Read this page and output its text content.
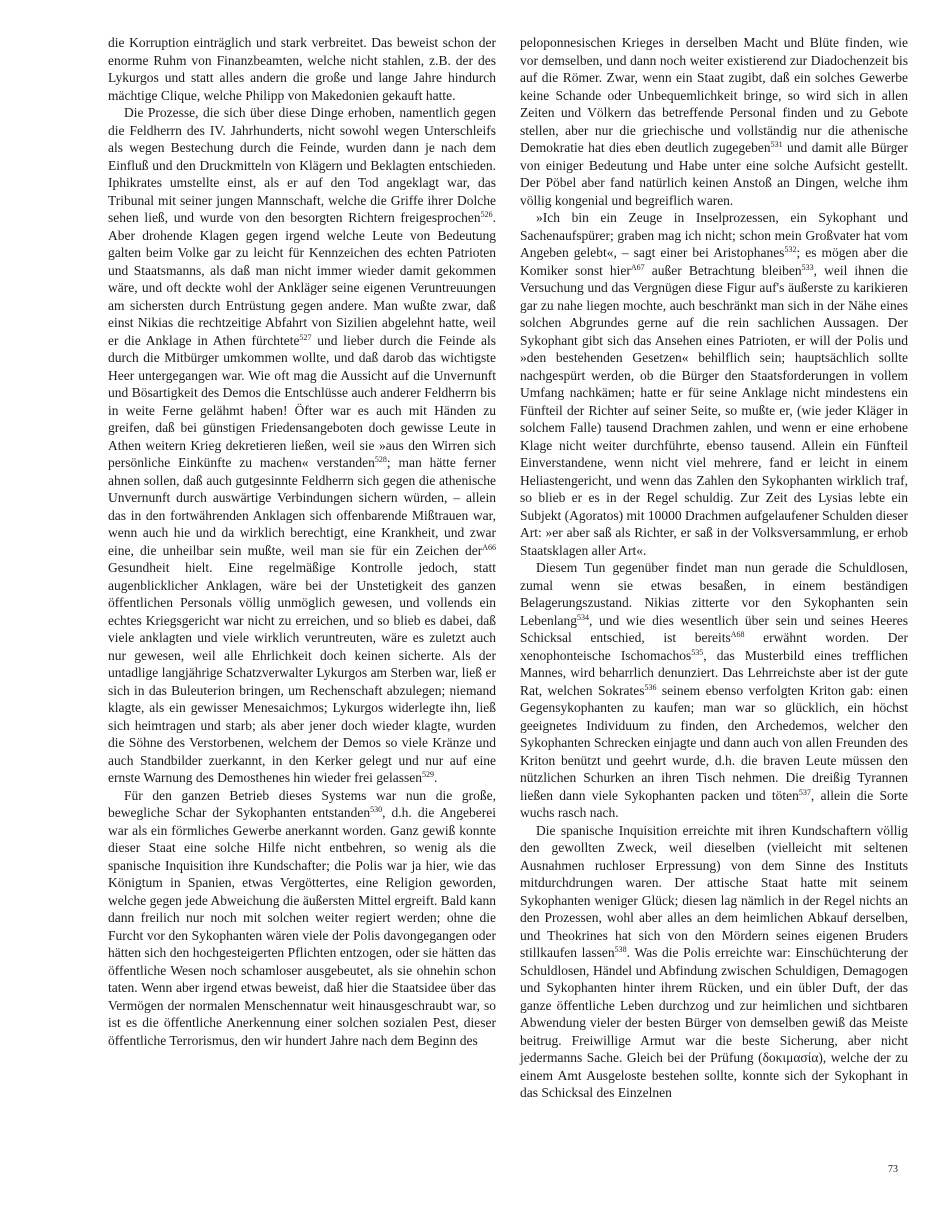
die Korruption einträglich und stark verbreitet. Das beweist schon der enorme Ruhm von Finanzbeamten, welche nicht stahlen, z.B. der des Lykurgos und statt alles andern die große und lange Jahre hindurch mächtige Clique, welche Philipp von Makedonien gekauft hatte.

Die Prozesse, die sich über diese Dinge erhoben, namentlich gegen die Feldherrn des IV. Jahrhunderts, nicht sowohl wegen Unterschleifs als wegen Bestechung durch die Feinde, wurden dann je nach dem Einfluß und den Druckmitteln von Klägern und Beklagten entschieden. Iphikrates umstellte einst, als er auf den Tod angeklagt war, das Tribunal mit seiner jungen Mannschaft, welche die Griffe ihrer Dolche sehen ließ, und wurde von den besorgten Richtern freigesprochen$^{526}$. Aber drohende Klagen gegen irgend welche Leute von Bedeutung galten beim Volke gar zu leicht für Kennzeichen des echten Patrioten und Staatsmanns, als daß man nicht immer wieder damit gekommen wäre, und oft deckte wohl der Ankläger seine eigenen Veruntreuungen am sichersten durch Entrüstung gegen andere. Man wußte zwar, daß einst Nikias die rechtzeitige Abfahrt von Sizilien abgelehnt hatte, weil er die Anklage in Athen fürchtete$^{527}$ und lieber durch die Feinde als durch die Mitbürger umkommen wollte, und daß darob das wichtigste Heer untergegangen war. Wie oft mag die Aussicht auf die Unvernunft und Bösartigkeit des Demos die Entschlüsse auch anderer Feldherrn bis in weite Ferne gelähmt haben! Öfter war es auch mit Händen zu greifen, daß bei günstigen Friedensangeboten doch gewisse Leute in Athen weitern Krieg dekretieren ließen, weil sie »aus den Wirren sich persönliche Einkünfte zu machen« verstanden$^{528}$; man hätte ferner ahnen sollen, daß auch gutgesinnte Feldherrn sich gegen die athenische Unvernunft durch auswärtige Verbindungen sichern würden, – allein das in den fortwährenden Anklagen sich offenbarende Mißtrauen war, wenn auch hie und da wirklich berechtigt, eine Krankheit, und zwar eine, die unheilbar sein mußte, weil man sie für ein Zeichen der$^{A66}$ Gesundheit hielt. Eine regelmäßige Kontrolle jedoch, statt augenblicklicher Anklagen, wäre bei der Unstetigkeit des ganzen öffentlichen Personals völlig unmöglich gewesen, und vollends ein echtes Kriegsgericht war nicht zu erreichen, und so blieb es dabei, daß viele anklagten und viele wirklich veruntreuten, wäre es zuletzt auch nur gewesen, weil alle Ehrlichkeit doch keinen sicherte. Als der untadlige langjährige Schatzverwalter Lykurgos am Sterben war, ließ er sich in das Buleuterion bringen, um Rechenschaft abzulegen; niemand klagte, als ein gewisser Menesaichmos; Lykurgos widerlegte ihn, ließ sich heimtragen und starb; als aber jener doch wieder klagte, wurden die Söhne des Verstorbenen, welchem der Demos so viele Kränze und auch Standbilder zuerkannt, in den Kerker gelegt und nur auf eine ernste Warnung des Demosthenes hin wieder frei gelassen$^{529}$.

Für den ganzen Betrieb dieses Systems war nun die große, bewegliche Schar der Sykophanten entstanden$^{530}$, d.h. die Angeberei war als ein förmliches Gewerbe anerkannt worden. Ganz gewiß konnte dieser Staat eine solche Hilfe nicht entbehren, so wenig als die spanische Inquisition ihre Kundschafter; die Polis war ja hier, wie das Königtum in Spanien, etwas Vergöttertes, eine Religion geworden, welche gegen jede Abweichung die äußersten Mittel ergreift. Bald kann dann freilich nur noch mit solchen weiter regiert werden; ohne die Furcht vor den Sykophanten wären viele der Polis davongegangen oder hätten sich den hochgesteigerten Pflichten entzogen, oder sie hätten das öffentliche Wesen noch schamloser ausgebeutet, als sie ohnehin schon taten. Wenn aber irgend etwas beweist, daß hier die Staatsidee über das Vermögen der normalen Menschennatur weit hinausgeschraubt war, so ist es die öffentliche Anerkennung einer solchen sozialen Pest, dieser öffentliche Terrorismus, den wir hundert Jahre nach dem Beginn des

peloponnesischen Krieges in derselben Macht und Blüte finden, wie vor demselben, und dann noch weiter existierend zur Diadochenzeit bis auf die Römer. Zwar, wenn ein Staat zugibt, daß ein solches Gewerbe keine Schande oder Unbequemlichkeit bringe, so wird sich in allen Zeiten und Völkern das betreffende Personal finden und zu Gebote stellen, aber nur die griechische und vollständig nur die athenische Demokratie hat dies eben deutlich zugegeben$^{531}$ und damit alle Bürger von einiger Bedeutung und Habe unter eine solche Aufsicht gestellt. Der Pöbel aber fand natürlich keinen Anstoß an Dingen, welche ihm völlig kongenial und begreiflich waren.

»Ich bin ein Zeuge in Inselprozessen, ein Sykophant und Sachenaufspürer; graben mag ich nicht; schon mein Großvater hat vom Angeben gelebt«, – sagt einer bei Aristophanes$^{532}$; es mögen aber die Komiker sonst hier$^{A67}$ außer Betrachtung bleiben$^{533}$, weil ihnen die Versuchung und das Vergnügen diese Figur auf's äußerste zu karikieren gar zu nahe liegen mochte, auch beschränkt man sich in der Nähe eines solchen Abgrundes gerne auf die rein sachlichen Aussagen. Der Sykophant gibt sich das Ansehen eines Patrioten, er will der Polis und »den bestehenden Gesetzen« behilflich sein; hauptsächlich sollte nachgespürt werden, ob die Bürger den Staatsforderungen in vollem Umfang nachkämen; hatte er für seine Anklage nicht mindestens ein Fünfteil der Richter auf seiner Seite, so mußte er, (wie jeder Kläger in solchem Falle) tausend Drachmen zahlen, und wenn er eine erhobene Klage nicht weiter durchführte, ebenso tausend. Allein ein Fünfteil Einverstandene, wenn nicht viel mehrere, fand er leicht in einem Heliastengericht, und wenn das Zahlen den Sykophanten wirklich traf, so blieb er es in der Regel schuldig. Zur Zeit des Lysias lebte ein Subjekt (Agoratos) mit 10000 Drachmen aufgelaufener Schulden dieser Art: »er aber saß als Richter, er saß in der Volksversammlung, er erhob Staatsklagen aller Art«.

Diesem Tun gegenüber findet man nun gerade die Schuldlosen, zumal wenn sie etwas besaßen, in einem beständigen Belagerungszustand. Nikias zitterte vor den Sykophanten sein Lebenlang$^{534}$, und wie dies wesentlich über sein und seines Heeres Schicksal entschied, ist bereits$^{A68}$ erwähnt worden. Der xenophonteische Ischomachos$^{535}$, das Musterbild eines trefflichen Mannes, wird beharrlich denunziert. Das Lehrreichste aber ist der gute Rat, welchen Sokrates$^{536}$ seinem ebenso verfolgten Kriton gab: einen Gegensykophanten zu kaufen; man war so glücklich, ein höchst geeignetes Individuum zu finden, den Archedemos, welcher den Sykophanten Schrecken einjagte und dann auch von allen Freunden des Kriton benützt und geehrt wurde, d.h. die braven Leute müssen den nützlichen Schurken an ihren Tisch nehmen. Die dreißig Tyrannen ließen dann viele Sykophanten packen und töten$^{537}$, allein die Sorte wuchs rasch nach.

Die spanische Inquisition erreichte mit ihren Kundschaftern völlig den gewollten Zweck, weil dieselben (vielleicht mit seltenen Ausnahmen ruchloser Erpressung) von dem Sinne des Instituts mitdurchdrungen waren. Der attische Staat hatte mit seinem Sykophanten weniger Glück; diesen lag nämlich in der Regel nichts an den Prozessen, wohl aber alles an dem heimlichen Abkauf derselben, und Theokrines hat sich von den Mördern seines eigenen Bruders stillkaufen lassen$^{538}$. Was die Polis erreichte war: Einschüchterung der Schuldlosen, Händel und Abfindung zwischen Schuldigen, Demagogen und Sykophanten hinter ihrem Rücken, und ein übler Duft, der das ganze öffentliche Leben durchzog und zur heimlichen und sichtbaren Abwendung vieler der besten Bürger von demselben gewiß das Meiste beitrug. Freiwillige Armut war die beste Sicherung, aber nicht jedermanns Sache. Gleich bei der Prüfung (δοκιμασία), welche der zu einem Amt Ausgeloste bestehen sollte, konnte sich der Sykophant in das Schicksal des Einzelnen

73
